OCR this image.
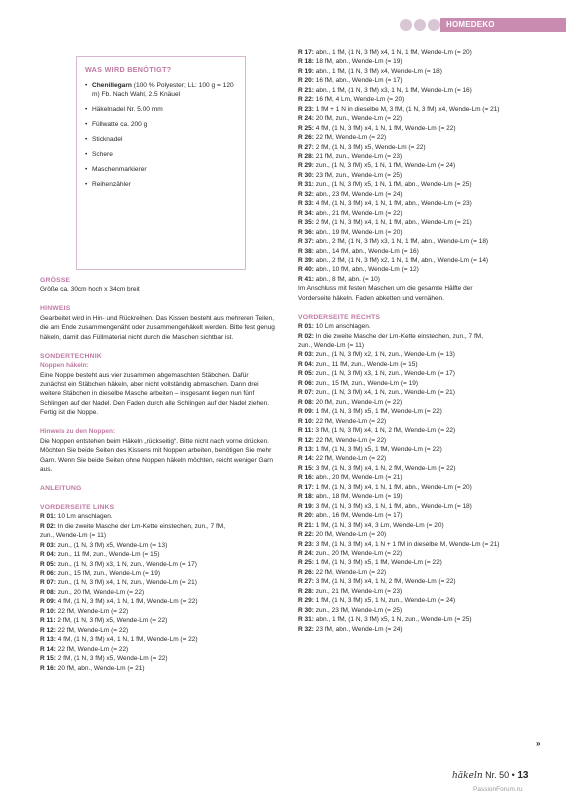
HOMEDEKO
WAS WIRD BENÖTIGT?
• Chenillegarn (100 % Polyester; LL: 100 g = 120 m) Fb. Nach Wahl, 2.5 Knäuel
• Häkelnadel Nr. 5.00 mm
• Füllwatte ca. 200 g
• Sticknadel
• Schere
• Maschenmarkierer
• Reihenzähler
GRÖSSE

Größe ca. 30cm hoch x 34cm breit

HINWEIS

Gearbeitet wird in Hin- und Rückreihen. Das Kissen besteht aus mehreren Teilen, die am Ende zusammengenäht oder zusammengehäkelt werden. Bitte fest genug häkeln, damit das Füllmaterial nicht durch die Maschen sichtbar ist.

SONDERTECHNIK
Noppen häkeln:

Eine Noppe besteht aus vier zusammen abgemaschten Stäbchen. Dafür zunächst ein Stäbchen häkeln, aber nicht vollständig abmaschen. Dann drei weitere Stäbchen in dieselbe Masche arbeiten – insgesamt liegen nun fünf Schlingen auf der Nadel. Den Faden durch alle Schlingen auf der Nadel ziehen. Fertig ist die Noppe.

Hinweis zu den Noppen:

Die Noppen entstehen beim Häkeln „rückseitig“. Bitte nicht nach vorne drücken. Möchten Sie beide Seiten des Kissens mit Noppen arbeiten, benötigen Sie mehr Garn. Wenn Sie beide Seiten ohne Noppen häkeln möchten, reicht weniger Garn aus.

ANLEITUNG
VORDERSEITE LINKS
R 01: 10 Lm anschlagen.
R 02: In die zweite Masche der Lm-Kette einstechen, zun., 7 fM,
zun., Wende-Lm (= 11)
R 03: zun., (1 N, 3 fM) x5, Wende-Lm (= 13)
R 04: zun., 11 fM, zun., Wende-Lm (= 15)
R 05: zun., (1 N, 3 fM) x3, 1 N, zun., Wende-Lm (= 17)
R 06: zun., 15 fM, zun., Wende-Lm (= 19)
R 07: zun., (1 N, 3 fM) x4, 1 N, zun., Wende-Lm (= 21)
R 08: zun., 20 fM, Wende-Lm (= 22)
R 09: 4 fM, (1 N, 3 fM) x4, 1 N, 1 fM, Wende-Lm (= 22)
R 10: 22 fM, Wende-Lm (= 22)
R 11: 2 fM, (1 N, 3 fM) x5, Wende-Lm (= 22)
R 12: 22 fM, Wende-Lm (= 22)
R 13: 4 fM, (1 N, 3 fM) x4, 1 N, 1 fM, Wende-Lm (= 22)
R 14: 22 fM, Wende-Lm (= 22)
R 15: 2 fM, (1 N, 3 fM) x5, Wende-Lm (= 22)
R 16: 20 fM, abn., Wende-Lm (= 21)
R 17: abn., 1 fM, (1 N, 3 fM) x4, 1 N, 1 fM, Wende-Lm (= 20)
R 18: 18 fM, abn., Wende-Lm (= 19)
R 19: abn., 1 fM, (1 N, 3 fM) x4, Wende-Lm (= 18)
R 20: 16 fM, abn., Wende-Lm (= 17)
R 21: abn., 1 fM, (1 N, 3 fM) x3, 1 N, 1 fM, Wende-Lm (= 16)
R 22: 16 fM, 4 Lm, Wende-Lm (= 20)
R 23: 1 fM + 1 N in dieselbe M, 3 fM, (1 N, 3 fM) x4, Wende-Lm (= 21)
R 24: 20 fM, zun., Wende-Lm (= 22)
R 25: 4 fM, (1 N, 3 fM) x4, 1 N, 1 fM, Wende-Lm (= 22)
R 26: 22 fM, Wende-Lm (= 22)
R 27: 2 fM, (1 N, 3 fM) x5, Wende-Lm (= 22)
R 28: 21 fM, zun., Wende-Lm (= 23)
R 29: zun., (1 N, 3 fM) x5, 1 N, 1 fM, Wende-Lm (= 24)
R 30: 23 fM, zun., Wende-Lm (= 25)
R 31: zun., (1 N, 3 fM) x5, 1 N, 1 fM, abn., Wende-Lm (= 25)
R 32: abn., 23 fM, Wende-Lm (= 24)
R 33: 4 fM, (1 N, 3 fM) x4, 1 N, 1 fM, abn., Wende-Lm (= 23)
R 34: abn., 21 fM, Wende-Lm (= 22)
R 35: 2 fM, (1 N, 3 fM) x4, 1 N, 1 fM, abn., Wende-Lm (= 21)
R 36: abn., 19 fM, Wende-Lm (= 20)
R 37: abn., 2 fM, (1 N, 3 fM) x3, 1 N, 1 fM, abn., Wende-Lm (= 18)
R 38: abn., 14 fM, abn., Wende-Lm (= 16)
R 39: abn., 2 fM, (1 N, 3 fM) x2, 1 N, 1 fM, abn., Wende-Lm (= 14)
R 40: abn., 10 fM, abn., Wende-Lm (= 12)
R 41: abn., 8 fM, abn. (= 10)

Im Anschluss mit festen Maschen um die gesamte Hälfte der

Vorderseite häkeln. Faden abketten und vernähen.

VORDERSEITE RECHTS
R 01: 10 Lm anschlagen.
R 02: In die zweite Masche der Lm-Kette einstechen, zun., 7 fM,
zun., Wende-Lm (= 11)
R 03: zun., (1 N, 3 fM) x2, 1 N, zun., Wende-Lm (= 13)
R 04: zun., 11 fM, zun., Wende-Lm (= 15)
R 05: zun., (1 N, 3 fM) x3, 1 N, zun., Wende-Lm (= 17)
R 06: zun., 15 fM, zun., Wende-Lm (= 19)
R 07: zun., (1 N, 3 fM) x4, 1 N, zun., Wende-Lm (= 21)
R 08: 20 fM, zun., Wende-Lm (= 22)
R 09: 1 fM, (1 N, 3 fM) x5, 1 fM, Wende-Lm (= 22)
R 10: 22 fM, Wende-Lm (= 22)
R 11: 3 fM, (1 N, 3 fM) x4, 1 N, 2 fM, Wende-Lm (= 22)
R 12: 22 fM, Wende-Lm (= 22)
R 13: 1 fM, (1 N, 3 fM) x5, 1 fM, Wende-Lm (= 22)
R 14: 22 fM, Wende-Lm (= 22)
R 15: 3 fM, (1 N, 3 fM) x4, 1 N, 2 fM, Wende-Lm (= 22)
R 16: abn., 20 fM, Wende-Lm (= 21)
R 17: 1 fM, (1 N, 3 fM) x4, 1 N, 1 fM, abn., Wende-Lm (= 20)
R 18: abn., 18 fM, Wende-Lm (= 19)
R 19: 3 fM, (1 N, 3 fM) x3, 1 N, 1 fM, abn., Wende-Lm (= 18)
R 20: abn., 16 fM, Wende-Lm (= 17)
R 21: 1 fM, (1 N, 3 fM) x4, 3 Lm, Wende-Lm (= 20)
R 22: 20 fM, Wende-Lm (= 20)
R 23: 3 fM, (1 N, 3 fM) x4, 1 N + 1 fM in dieselbe M, Wende-Lm (= 21)
R 24: zun., 20 fM, Wende-Lm (= 22)
R 25: 1 fM, (1 N, 3 fM) x5, 1 fM, Wende-Lm (= 22)
R 26: 22 fM, Wende-Lm (= 22)
R 27: 3 fM, (1 N, 3 fM) x4, 1 N, 2 fM, Wende-Lm (= 22)
R 28: zun., 21 fM, Wende-Lm (= 23)
R 29: 1 fM, (1 N, 3 fM) x5, 1 N, zun., Wende-Lm (= 24)
R 30: zun., 23 fM, Wende-Lm (= 25)
R 31: abn., 1 fM, (1 N, 3 fM) x5, 1 N, zun., Wende-Lm (= 25)
R 32: 23 fM, abn., Wende-Lm (= 24)
»
häkeln Nr. 50 • 13
PassionForum.ru
